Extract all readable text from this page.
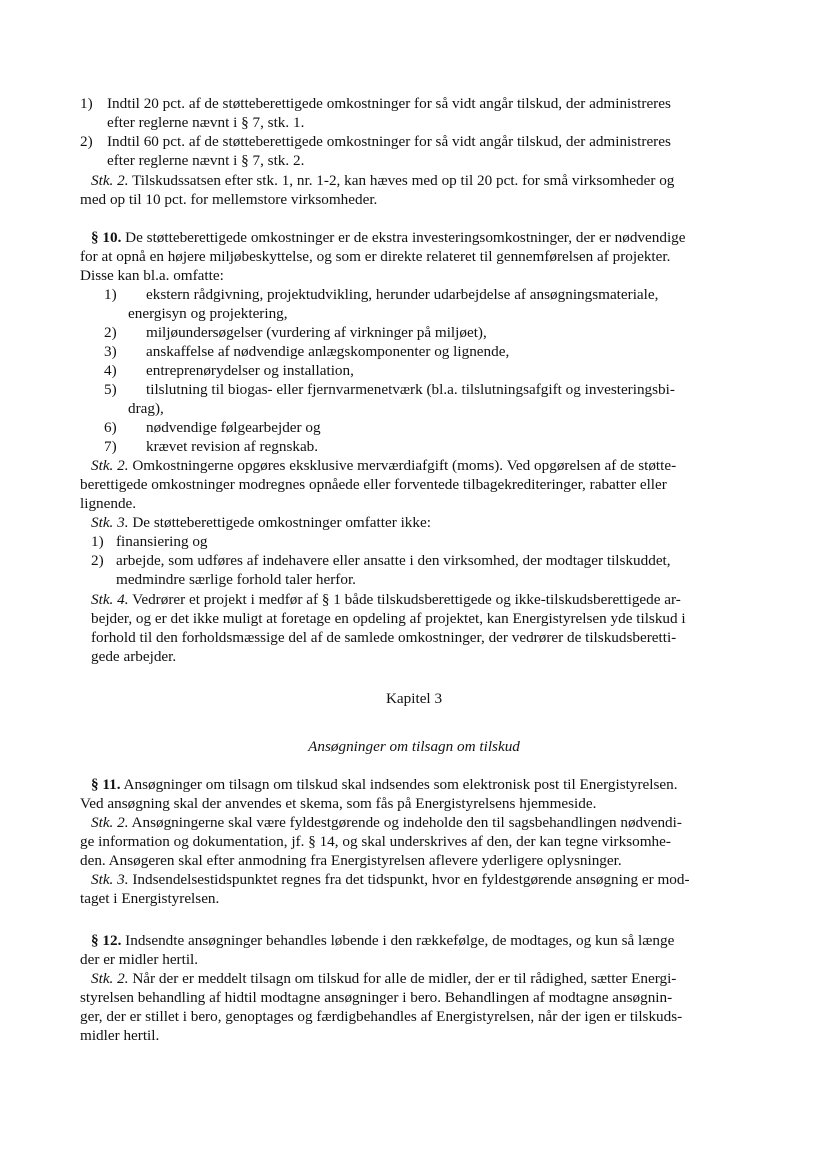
1) Indtil 20 pct. af de støtteberettigede omkostninger for så vidt angår tilskud, der administreres
efter reglerne nævnt i § 7, stk. 1.
2) Indtil 60 pct. af de støtteberettigede omkostninger for så vidt angår tilskud, der administreres
efter reglerne nævnt i § 7, stk. 2.
Stk. 2. Tilskudssatsen efter stk. 1, nr. 1-2, kan hæves med op til 20 pct. for små virksomheder og
med op til 10 pct. for mellemstore virksomheder.
§ 10. De støtteberettigede omkostninger er de ekstra investeringsomkostninger, der er nødvendige
for at opnå en højere miljøbeskyttelse, og som er direkte relateret til gennemførelsen af projekter.
Disse kan bl.a. omfatte:
1) ekstern rådgivning, projektudvikling, herunder udarbejdelse af ansøgningsmateriale,
energisyn og projektering,
2) miljøundersøgelser (vurdering af virkninger på miljøet),
3) anskaffelse af nødvendige anlægskomponenter og lignende,
4) entreprenørydelser og installation,
5) tilslutning til biogas- eller fjernvarmenetværk (bl.a. tilslutningsafgift og investeringsbi-
drag),
6) nødvendige følgearbejder og
7) krævet revision af regnskab.
Stk. 2. Omkostningerne opgøres eksklusive merværdiafgift (moms). Ved opgørelsen af de støtte-
berettigede omkostninger modregnes opnåede eller forventede tilbagekrediteringer, rabatter eller
lignende.
Stk. 3. De støtteberettigede omkostninger omfatter ikke:
1) finansiering og
2) arbejde, som udføres af indehavere eller ansatte i den virksomhed, der modtager tilskuddet,
medmindre særlige forhold taler herfor.
Stk. 4. Vedrører et projekt i medfør af § 1 både tilskudsberettigede og ikke-tilskudsberettigede ar-
bejder, og er det ikke muligt at foretage en opdeling af projektet, kan Energistyrelsen yde tilskud i
forhold til den forholdsmæssige del af de samlede omkostninger, der vedrører de tilskudsberetti-
gede arbejder.
Kapitel 3
Ansøgninger om tilsagn om tilskud
§ 11. Ansøgninger om tilsagn om tilskud skal indsendes som elektronisk post til Energistyrelsen.
Ved ansøgning skal der anvendes et skema, som fås på Energistyrelsens hjemmeside.
Stk. 2. Ansøgningerne skal være fyldestgørende og indeholde den til sagsbehandlingen nødvendi-
ge information og dokumentation, jf. § 14, og skal underskrives af den, der kan tegne virksomhe-
den. Ansøgeren skal efter anmodning fra Energistyrelsen aflevere yderligere oplysninger.
Stk. 3. Indsendelsestidspunktet regnes fra det tidspunkt, hvor en fyldestgørende ansøgning er mod-
taget i Energistyrelsen.
§ 12. Indsendte ansøgninger behandles løbende i den rækkefølge, de modtages, og kun så længe
der er midler hertil.
Stk. 2. Når der er meddelt tilsagn om tilskud for alle de midler, der er til rådighed, sætter Energi-
styrelsen behandling af hidtil modtagne ansøgninger i bero. Behandlingen af modtagne ansøgnin-
ger, der er stillet i bero, genoptages og færdigbehandles af Energistyrelsen, når der igen er tilskuds-
midler hertil.
